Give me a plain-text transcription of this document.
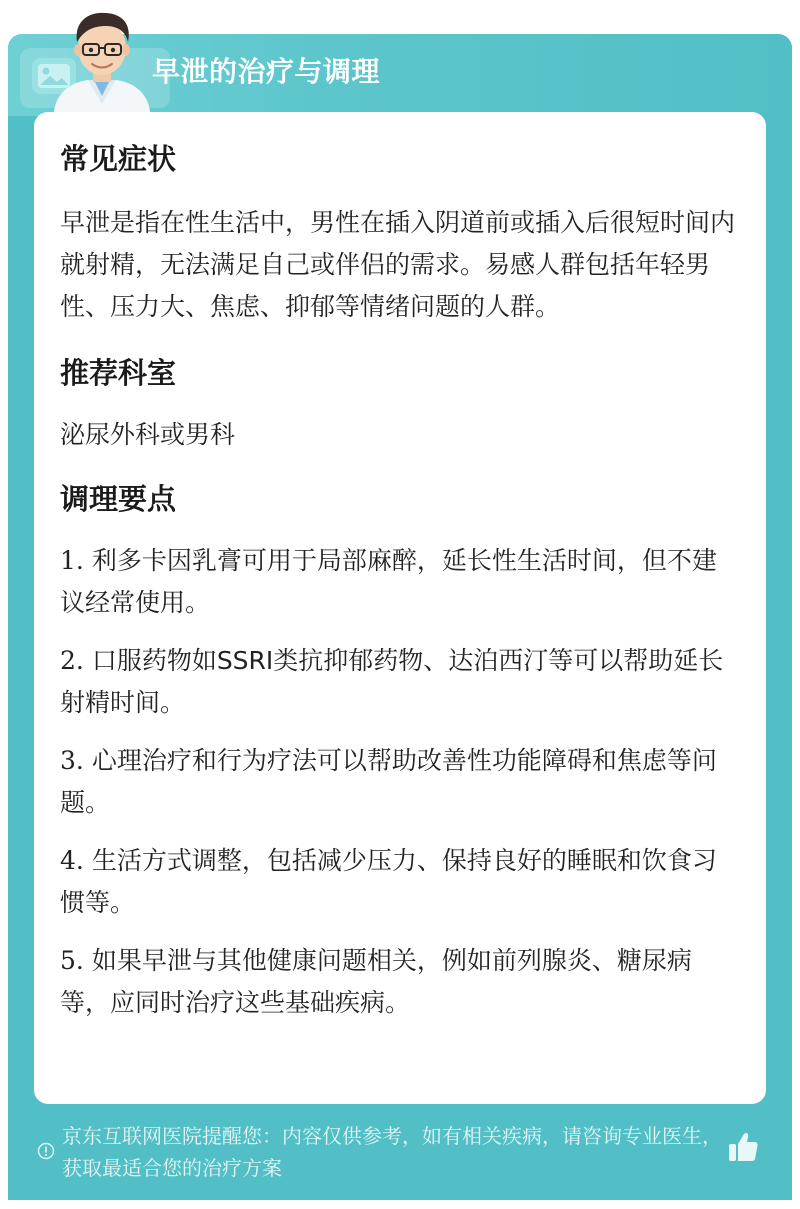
早泄的治疗与调理

常见症状

早泄是指在性生活中，男性在插入阴道前或插入后很短时间内就射精，无法满足自己或伴侣的需求。易感人群包括年轻男性、压力大、焦虑、抑郁等情绪问题的人群。

推荐科室

泌尿外科或男科

调理要点

1. 利多卡因乳膏可用于局部麻醉，延长性生活时间，但不建议经常使用。

2. 口服药物如SSRI类抗抑郁药物、达泊西汀等可以帮助延长射精时间。

3. 心理治疗和行为疗法可以帮助改善性功能障碍和焦虑等问题。

4. 生活方式调整，包括减少压力、保持良好的睡眠和饮食习惯等。

5. 如果早泄与其他健康问题相关，例如前列腺炎、糖尿病等，应同时治疗这些基础疾病。

京东互联网医院提醒您：内容仅供参考，如有相关疾病，请咨询专业医生，获取最适合您的治疗方案
